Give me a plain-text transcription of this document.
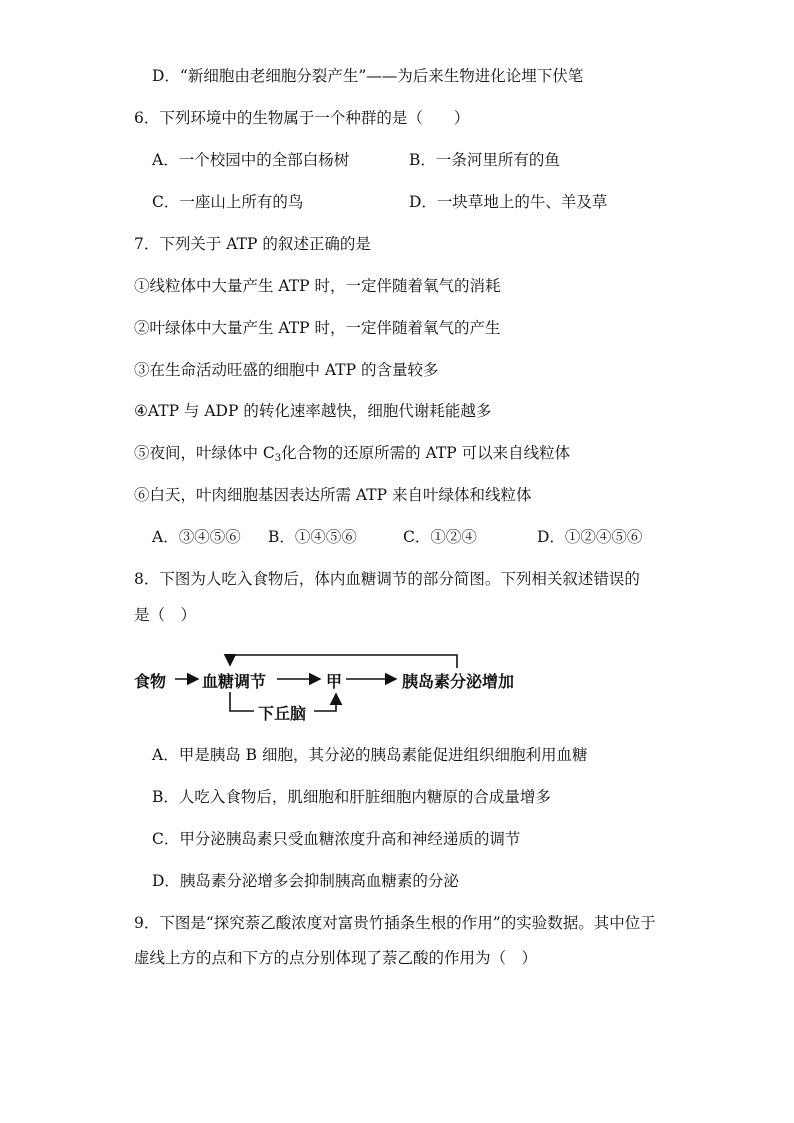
D．“新细胞由老细胞分裂产生”——为后来生物进化论埋下伏笔
6．下列环境中的生物属于一个种群的是（　　）
A．一个校园中的全部白杨树	B．一条河里所有的鱼
C．一座山上所有的鸟	D．一块草地上的牛、羊及草
7．下列关于 ATP 的叙述正确的是
①线粒体中大量产生 ATP 时，一定伴随着氧气的消耗
②叶绿体中大量产生 ATP 时，一定伴随着氧气的产生
③在生命活动旺盛的细胞中 ATP 的含量较多
④ATP 与 ADP 的转化速率越快，细胞代谢耗能越多
⑤夜间，叶绿体中 $C_3$化合物的还原所需的 ATP 可以来自线粒体
⑥白天，叶肉细胞基因表达所需 ATP 来自叶绿体和线粒体
A．③④⑤⑥ B．①④⑤⑥	C．①②④	D．①②④⑤⑥
8．下图为人吃入食物后，体内血糖调节的部分简图。下列相关叙述错误的
是（　）
食物 血糖调节	甲	胰岛素分泌增加
下丘脑
A．甲是胰岛 B 细胞，其分泌的胰岛素能促进组织细胞利用血糖
B．人吃入食物后，肌细胞和肝脏细胞内糖原的合成量增多
C．甲分泌胰岛素只受血糖浓度升高和神经递质的调节
D．胰岛素分泌增多会抑制胰高血糖素的分泌
9．下图是“探究萘乙酸浓度对富贵竹插条生根的作用”的实验数据。其中位于
虚线上方的点和下方的点分别体现了萘乙酸的作用为（　）
